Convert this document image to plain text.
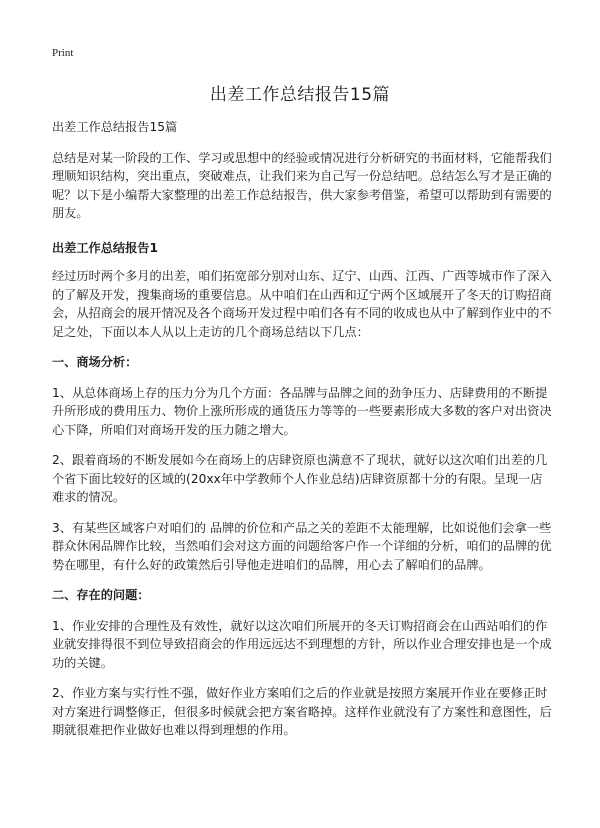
Print
出差工作总结报告15篇

出差工作总结报告15篇

总结是对某一阶段的工作、学习或思想中的经验或情况进行分析研究的书面材料，它能帮我们理顺知识结构，突出重点，突破难点，让我们来为自己写一份总结吧。总结怎么写才是正确的呢？以下是小编帮大家整理的出差工作总结报告，供大家参考借鉴，希望可以帮助到有需要的朋友。

出差工作总结报告1

经过历时两个多月的出差，咱们拓宽部分别对山东、辽宁、山西、江西、广西等城市作了深入的了解及开发，搜集商场的重要信息。从中咱们在山西和辽宁两个区域展开了冬天的订购招商会，从招商会的展开情况及各个商场开发过程中咱们各有不同的收成也从中了解到作业中的不足之处，下面以本人从以上走访的几个商场总结以下几点：

一、商场分析：

1、从总体商场上存的压力分为几个方面：各品牌与品牌之间的劲争压力、店肆费用的不断提升所形成的费用压力、物价上涨所形成的通货压力等等的一些要素形成大多数的客户对出资决心下降，所咱们对商场开发的压力随之增大。

2、跟着商场的不断发展如今在商场上的店肆资原也满意不了现状，就好以这次咱们出差的几个省下面比较好的区域的(20xx年中学教师个人作业总结)店肆资原都十分的有限。呈现一店难求的情况。

3、有某些区域客户对咱们的 品牌的价位和产品之关的差距不太能理解，比如说他们会拿一些群众休闲品牌作比较，当然咱们会对这方面的问题给客户作一个详细的分析，咱们的品牌的优势在哪里，有什么好的政策然后引导他走进咱们的品牌，用心去了解咱们的品牌。

二、存在的问题：

1、作业安排的合理性及有效性，就好以这次咱们所展开的冬天订购招商会在山西站咱们的作业就安排得很不到位导致招商会的作用远远达不到理想的方针，所以作业合理安排也是一个成功的关键。

2、作业方案与实行性不强，做好作业方案咱们之后的作业就是按照方案展开作业在要修正时对方案进行调整修正，但很多时候就会把方案省略掉。这样作业就没有了方案性和意图性，后期就很难把作业做好也难以得到理想的作用。
